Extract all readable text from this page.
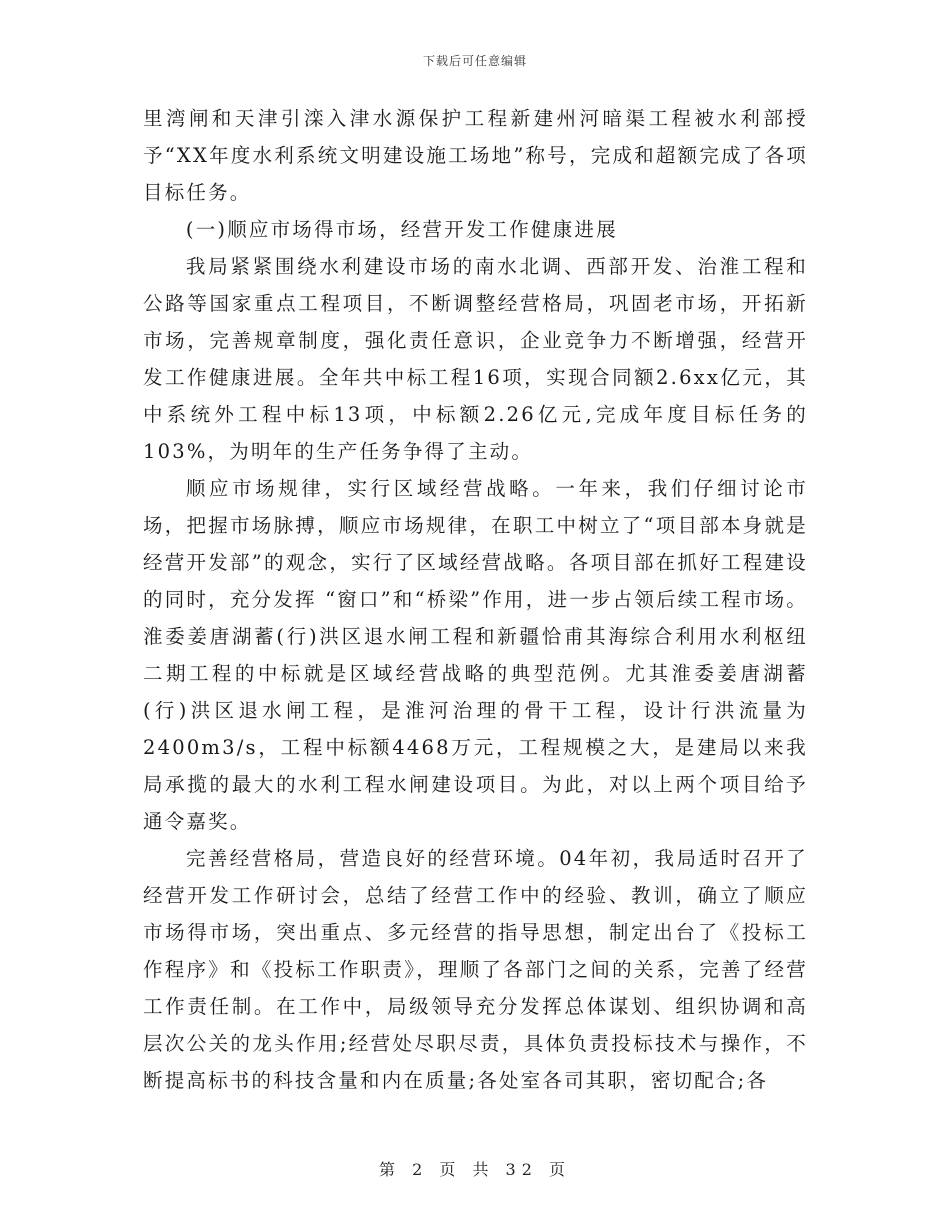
下载后可任意编辑

里湾闸和天津引滦入津水源保护工程新建州河暗渠工程被水利部授予“XX年度水利系统文明建设施工场地”称号，完成和超额完成了各项目标任务。

(一)顺应市场得市场，经营开发工作健康进展

我局紧紧围绕水利建设市场的南水北调、西部开发、治淮工程和公路等国家重点工程项目，不断调整经营格局，巩固老市场，开拓新市场，完善规章制度，强化责任意识，企业竞争力不断增强，经营开发工作健康进展。全年共中标工程16项，实现合同额2.6xx亿元，其中系统外工程中标13项，中标额2.26亿元,完成年度目标任务的103%，为明年的生产任务争得了主动。

顺应市场规律，实行区域经营战略。一年来，我们仔细讨论市场，把握市场脉搏，顺应市场规律，在职工中树立了“项目部本身就是经营开发部”的观念，实行了区域经营战略。各项目部在抓好工程建设的同时，充分发挥 “窗口”和“桥梁”作用，进一步占领后续工程市场。淮委姜唐湖蓄(行)洪区退水闸工程和新疆恰甫其海综合利用水利枢纽二期工程的中标就是区域经营战略的典型范例。尤其淮委姜唐湖蓄(行)洪区退水闸工程，是淮河治理的骨干工程，设计行洪流量为2400m3/s，工程中标额4468万元，工程规模之大，是建局以来我局承揽的最大的水利工程水闸建设项目。为此，对以上两个项目给予通令嘉奖。

完善经营格局，营造良好的经营环境。04年初，我局适时召开了经营开发工作研讨会，总结了经营工作中的经验、教训，确立了顺应市场得市场，突出重点、多元经营的指导思想，制定出台了《投标工作程序》和《投标工作职责》，理顺了各部门之间的关系，完善了经营工作责任制。在工作中，局级领导充分发挥总体谋划、组织协调和高层次公关的龙头作用;经营处尽职尽责，具体负责投标技术与操作，不断提高标书的科技含量和内在质量;各处室各司其职，密切配合;各

第 2 页 共 32 页
